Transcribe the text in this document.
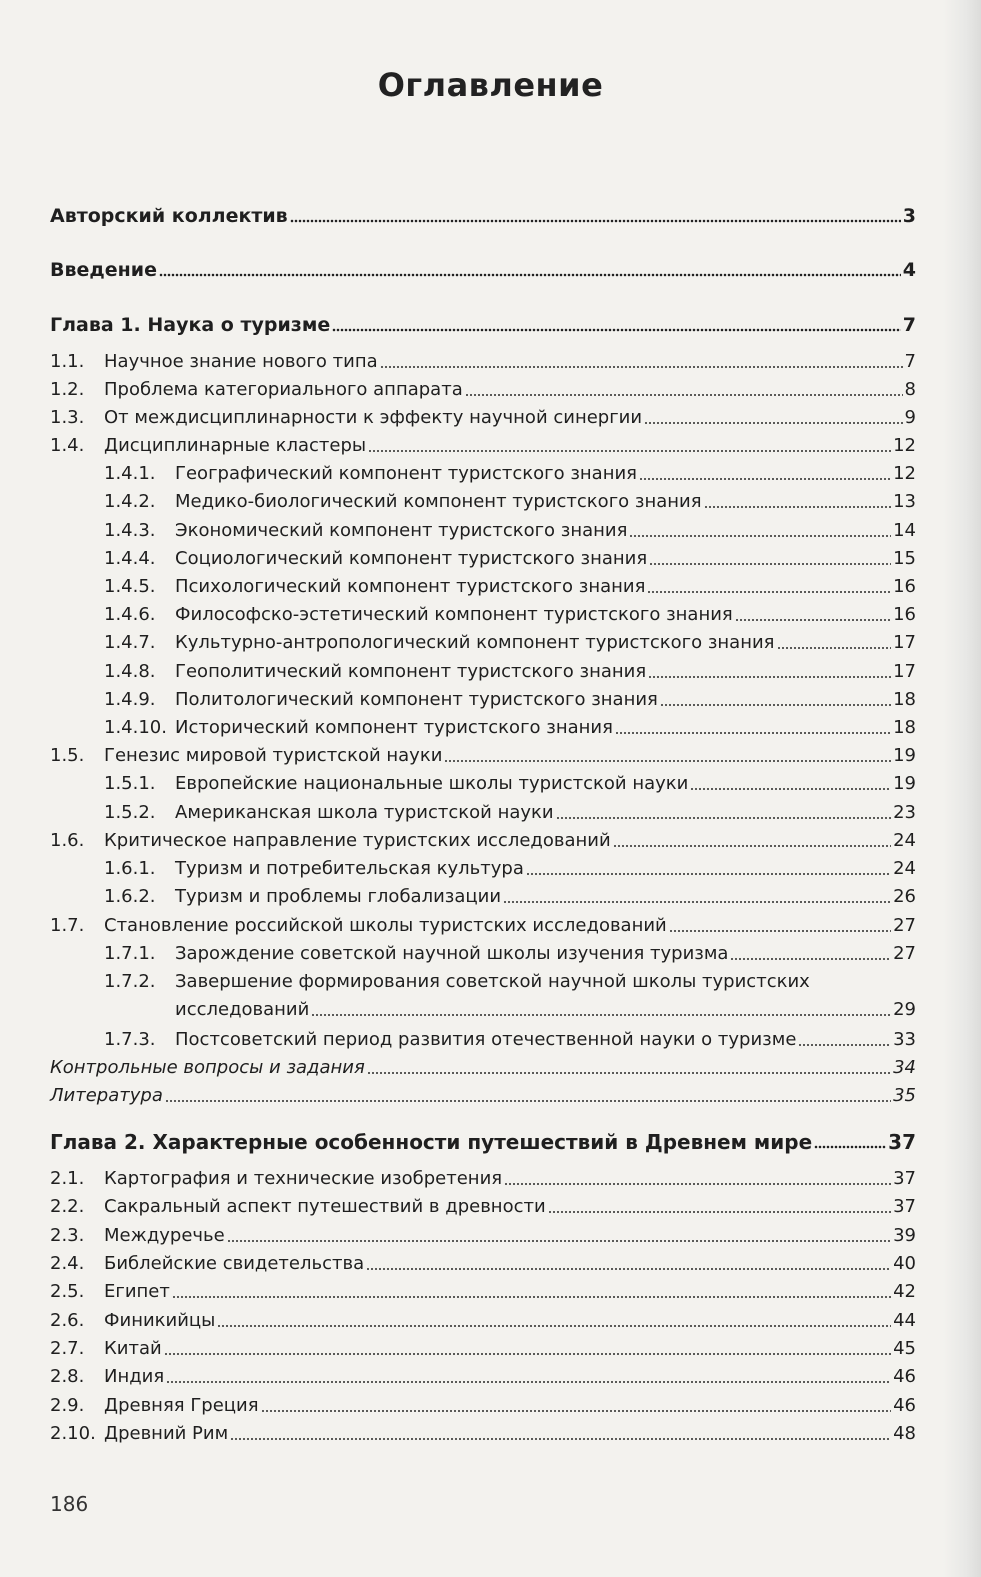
Оглавление
Авторский коллектив	3
Введение	4
Глава 1. Наука о туризме	7
1.1.	Научное знание нового типа	7
1.2.	Проблема категориального аппарата	8
1.3.	От междисциплинарности к эффекту научной синергии	9
1.4.	Дисциплинарные кластеры	12
1.4.1.	Географический компонент туристского знания	12
1.4.2.	Медико-биологический компонент туристского знания	13
1.4.3.	Экономический компонент туристского знания	14
1.4.4.	Социологический компонент туристского знания	15
1.4.5.	Психологический компонент туристского знания	16
1.4.6.	Философско-эстетический компонент туристского знания	16
1.4.7.	Культурно-антропологический компонент туристского знания	17
1.4.8.	Геополитический компонент туристского знания	17
1.4.9.	Политологический компонент туристского знания	18
1.4.10. Исторический компонент туристского знания	18
1.5.	Генезис мировой туристской науки	19
1.5.1.	Европейские национальные школы туристской науки	19
1.5.2.	Американская школа туристской науки	23
1.6.	Критическое направление туристских исследований	24
1.6.1.	Туризм и потребительская культура	24
1.6.2.	Туризм и проблемы глобализации	26
1.7.	Становление российской школы туристских исследований	27
1.7.1.	Зарождение советской научной школы изучения туризма	27
1.7.2.	Завершение формирования советской научной школы туристских
исследований	29
1.7.3.	Постсоветский период развития отечественной науки о туризме	33
Контрольные вопросы и задания	34
Литература	35
Глава 2. Характерные особенности путешествий в Древнем мире	37
2.1.	Картография и технические изобретения	37
2.2.	Сакральный аспект путешествий в древности	37
2.3.	Междуречье	39
2.4.	Библейские свидетельства	40
2.5.	Египет	42
2.6.	Финикийцы	44
2.7.	Китай	45
2.8.	Индия	46
2.9.	Древняя Греция	46
2.10. Древний Рим	48
186
